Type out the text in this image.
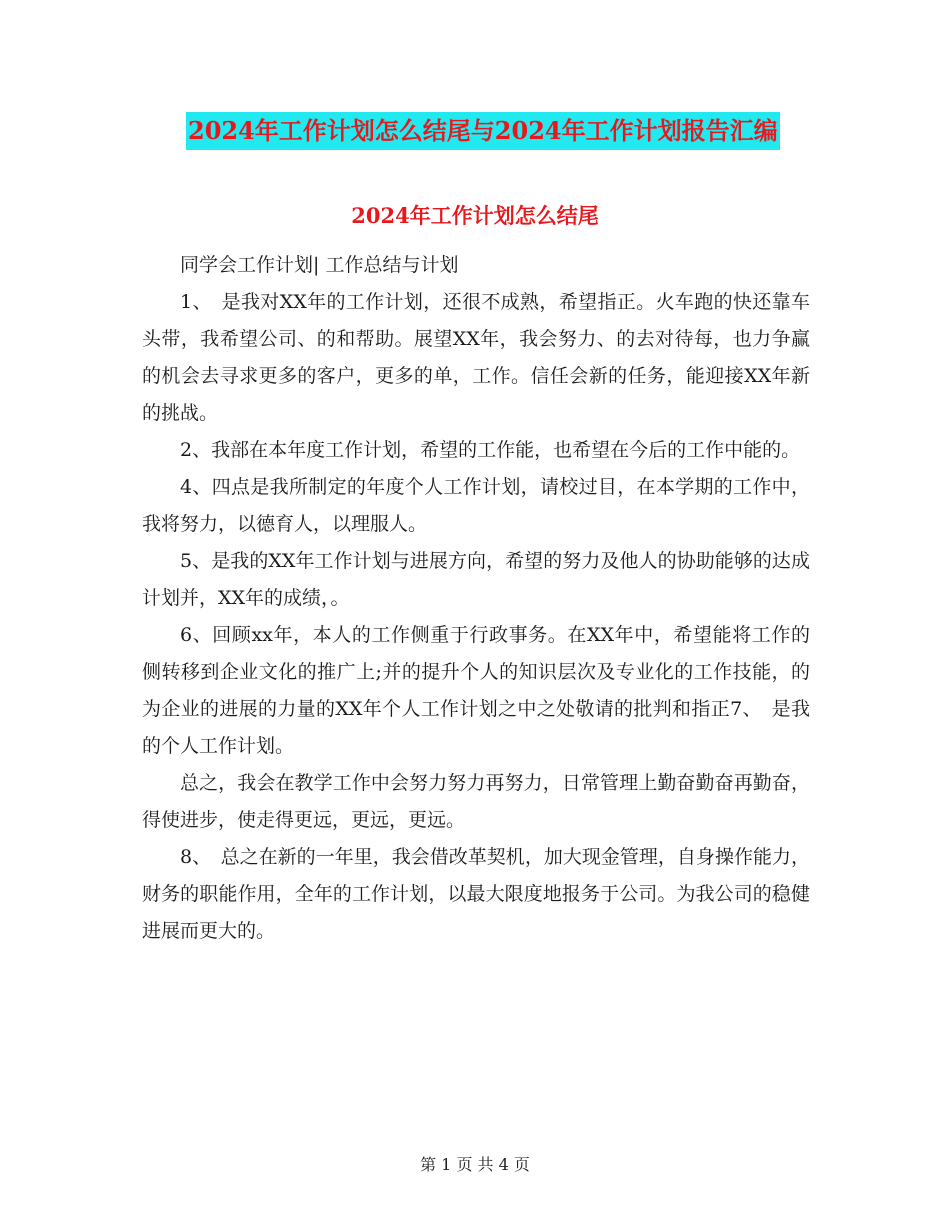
2024年工作计划怎么结尾与2024年工作计划报告汇编
2024年工作计划怎么结尾

同学会工作计划| 工作总结与计划

1、　是我对XX年的工作计划，还很不成熟，希望指正。火车跑的快还靠车头带，我希望公司、的和帮助。展望XX年，我会努力、的去对待每，也力争赢的机会去寻求更多的客户，更多的单，工作。信任会新的任务，能迎接XX年新的挑战。

2、我部在本年度工作计划，希望的工作能，也希望在今后的工作中能的。

4、四点是我所制定的年度个人工作计划，请校过目，在本学期的工作中，我将努力，以德育人，以理服人。

5、是我的XX年工作计划与进展方向，希望的努力及他人的协助能够的达成计划并，XX年的成绩，。

6、回顾xx年，本人的工作侧重于行政事务。在XX年中，希望能将工作的侧转移到企业文化的推广上;并的提升个人的知识层次及专业化的工作技能，的为企业的进展的力量的XX年个人工作计划之中之处敬请的批判和指正7、　是我的个人工作计划。

总之，我会在教学工作中会努力努力再努力，日常管理上勤奋勤奋再勤奋，得使进步，使走得更远，更远，更远。

8、　总之在新的一年里，我会借改革契机，加大现金管理，自身操作能力，财务的职能作用，全年的工作计划，以最大限度地报务于公司。为我公司的稳健进展而更大的。

第 1 页 共 4 页
